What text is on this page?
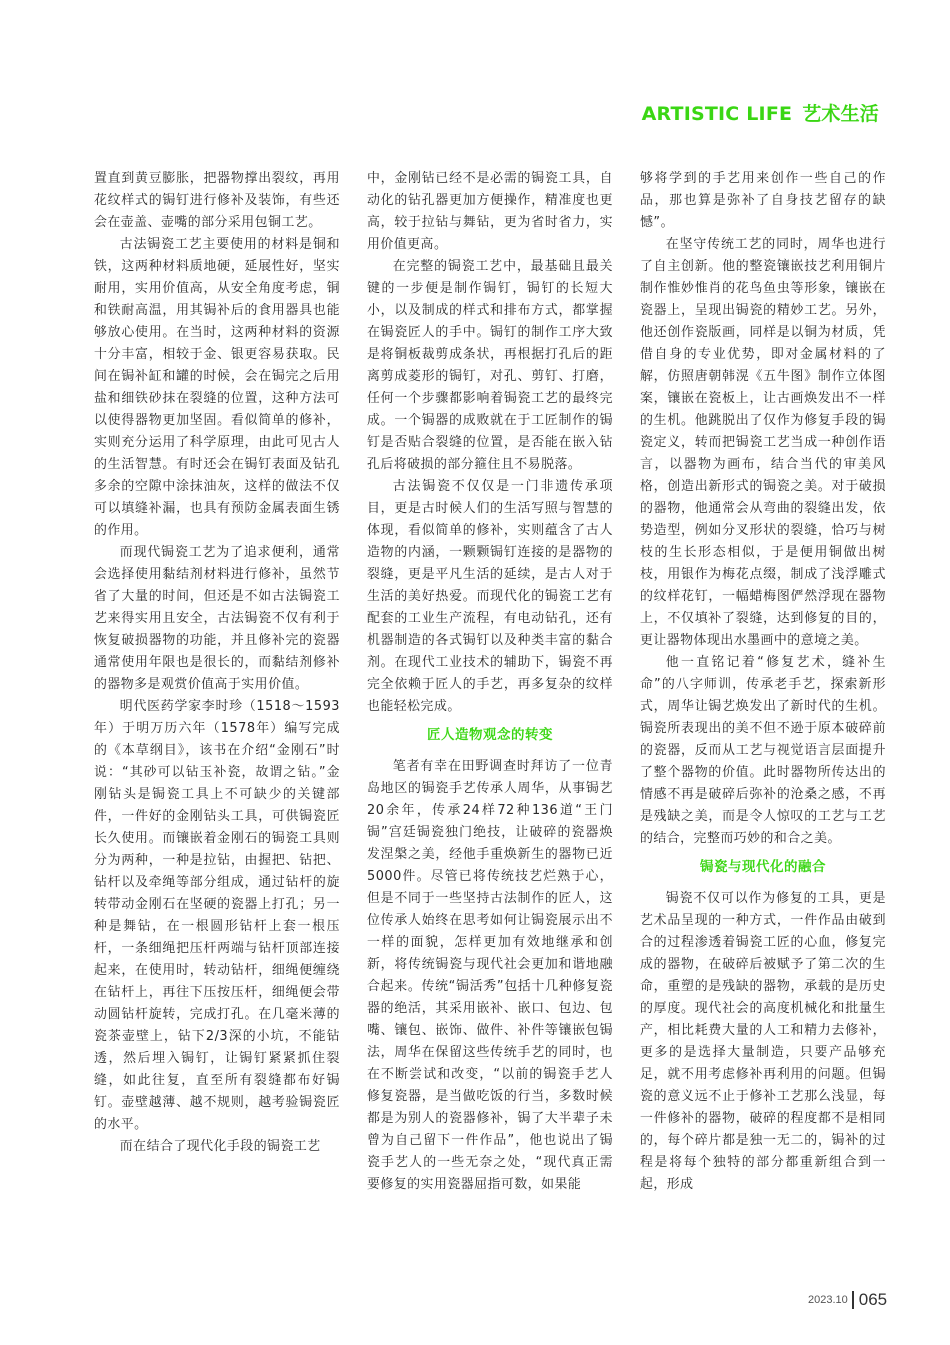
ARTISTIC LIFE 艺术生活

置直到黄豆膨胀，把器物撑出裂纹，再用花纹样式的锔钉进行修补及装饰，有些还会在壶盖、壶嘴的部分采用包铜工艺。

古法锔瓷工艺主要使用的材料是铜和铁，这两种材料质地硬，延展性好，坚实耐用，实用价值高，从安全角度考虑，铜和铁耐高温，用其锔补后的食用器具也能够放心使用。在当时，这两种材料的资源十分丰富，相较于金、银更容易获取。民间在锔补缸和罐的时候，会在锔完之后用盐和细铁砂抹在裂缝的位置，这种方法可以使得器物更加坚固。看似简单的修补，实则充分运用了科学原理，由此可见古人的生活智慧。有时还会在锔钉表面及钻孔多余的空隙中涂抹油灰，这样的做法不仅可以填缝补漏，也具有预防金属表面生锈的作用。

而现代锔瓷工艺为了追求便利，通常会选择使用黏结剂材料进行修补，虽然节省了大量的时间，但还是不如古法锔瓷工艺来得实用且安全，古法锔瓷不仅有利于恢复破损器物的功能，并且修补完的瓷器通常使用年限也是很长的，而黏结剂修补的器物多是观赏价值高于实用价值。

明代医药学家李时珍（1518～1593年）于明万历六年（1578年）编写完成的《本草纲目》，该书在介绍“金刚石”时说：“其砂可以钻玉补瓷，故谓之钻。”金刚钻头是锔瓷工具上不可缺少的关键部件，一件好的金刚钻头工具，可供锔瓷匠长久使用。而镶嵌着金刚石的锔瓷工具则分为两种，一种是拉钻，由握把、钻把、钻杆以及牵绳等部分组成，通过钻杆的旋转带动金刚石在坚硬的瓷器上打孔；另一种是舞钻，在一根圆形钻杆上套一根压杆，一条细绳把压杆两端与钻杆顶部连接起来，在使用时，转动钻杆，细绳便缠绕在钻杆上，再往下压按压杆，细绳便会带动圆钻杆旋转，完成打孔。在几毫米薄的瓷茶壶壁上，钻下2/3深的小坑，不能钻透，然后埋入锔钉，让锔钉紧紧抓住裂缝，如此往复，直至所有裂缝都布好锔钉。壶壁越薄、越不规则，越考验锔瓷匠的水平。

而在结合了现代化手段的锔瓷工艺

中，金刚钻已经不是必需的锔瓷工具，自动化的钻孔器更加方便操作，精准度也更高，较于拉钻与舞钻，更为省时省力，实用价值更高。

在完整的锔瓷工艺中，最基础且最关键的一步便是制作锔钉，锔钉的长短大小，以及制成的样式和排布方式，都掌握在锔瓷匠人的手中。锔钉的制作工序大致是将铜板裁剪成条状，再根据打孔后的距离剪成菱形的锔钉，对孔、剪钉、打磨，任何一个步骤都影响着锔瓷工艺的最终完成。一个锔器的成败就在于工匠制作的锔钉是否贴合裂缝的位置，是否能在嵌入钻孔后将破损的部分箍住且不易脱落。

古法锔瓷不仅仅是一门非遗传承项目，更是古时候人们的生活写照与智慧的体现，看似简单的修补，实则蕴含了古人造物的内涵，一颗颗锔钉连接的是器物的裂缝，更是平凡生活的延续，是古人对于生活的美好热爱。而现代化的锔瓷工艺有配套的工业生产流程，有电动钻孔，还有机器制造的各式锔钉以及种类丰富的黏合剂。在现代工业技术的辅助下，锔瓷不再完全依赖于匠人的手艺，再多复杂的纹样也能轻松完成。

匠人造物观念的转变

笔者有幸在田野调查时拜访了一位青岛地区的锔瓷手艺传承人周华，从事锔艺20余年，传承24样72种136道“王门锔”宫廷锔瓷独门绝技，让破碎的瓷器焕发涅槃之美，经他手重焕新生的器物已近5000件。尽管已将传统技艺烂熟于心，但是不同于一些坚持古法制作的匠人，这位传承人始终在思考如何让锔瓷展示出不一样的面貌，怎样更加有效地继承和创新，将传统锔瓷与现代社会更加和谐地融合起来。传统“锔活秀”包括十几种修复瓷器的绝活，其采用嵌补、嵌口、包边、包嘴、镶包、嵌饰、做件、补件等镶嵌包锔法，周华在保留这些传统手艺的同时，也在不断尝试和改变，“以前的锔瓷手艺人修复瓷器，是当做吃饭的行当，多数时候都是为别人的瓷器修补，锔了大半辈子未曾为自己留下一件作品”，他也说出了锔瓷手艺人的一些无奈之处，“现代真正需要修复的实用瓷器屈指可数，如果能

够将学到的手艺用来创作一些自己的作品，那也算是弥补了自身技艺留存的缺憾”。

在坚守传统工艺的同时，周华也进行了自主创新。他的整瓷镶嵌技艺利用铜片制作惟妙惟肖的花鸟鱼虫等形象，镶嵌在瓷器上，呈现出锔瓷的精妙工艺。另外，他还创作瓷版画，同样是以铜为材质，凭借自身的专业优势，即对金属材料的了解，仿照唐朝韩滉《五牛图》制作立体图案，镶嵌在瓷板上，让古画焕发出不一样的生机。他跳脱出了仅作为修复手段的锔瓷定义，转而把锔瓷工艺当成一种创作语言，以器物为画布，结合当代的审美风格，创造出新形式的锔瓷之美。对于破损的器物，他通常会从弯曲的裂缝出发，依势造型，例如分叉形状的裂缝，恰巧与树枝的生长形态相似，于是便用铜做出树枝，用银作为梅花点缀，制成了浅浮雕式的纹样花钉，一幅蜡梅图俨然浮现在器物上，不仅填补了裂缝，达到修复的目的，更让器物体现出水墨画中的意境之美。

他一直铭记着“修复艺术，缝补生命”的八字师训，传承老手艺，探索新形式，周华让锔艺焕发出了新时代的生机。锔瓷所表现出的美不但不逊于原本破碎前的瓷器，反而从工艺与视觉语言层面提升了整个器物的价值。此时器物所传达出的情感不再是破碎后弥补的沧桑之感，不再是残缺之美，而是令人惊叹的工艺与工艺的结合，完整而巧妙的和合之美。

锔瓷与现代化的融合

锔瓷不仅可以作为修复的工具，更是艺术品呈现的一种方式，一件作品由破到合的过程渗透着锔瓷工匠的心血，修复完成的器物，在破碎后被赋予了第二次的生命，重塑的是残缺的器物，承载的是历史的厚度。现代社会的高度机械化和批量生产，相比耗费大量的人工和精力去修补，更多的是选择大量制造，只要产品够充足，就不用考虑修补再利用的问题。但锔瓷的意义远不止于修补工艺那么浅显，每一件修补的器物，破碎的程度都不是相同的，每个碎片都是独一无二的，锔补的过程是将每个独特的部分都重新组合到一起，形成

2023.10 065
